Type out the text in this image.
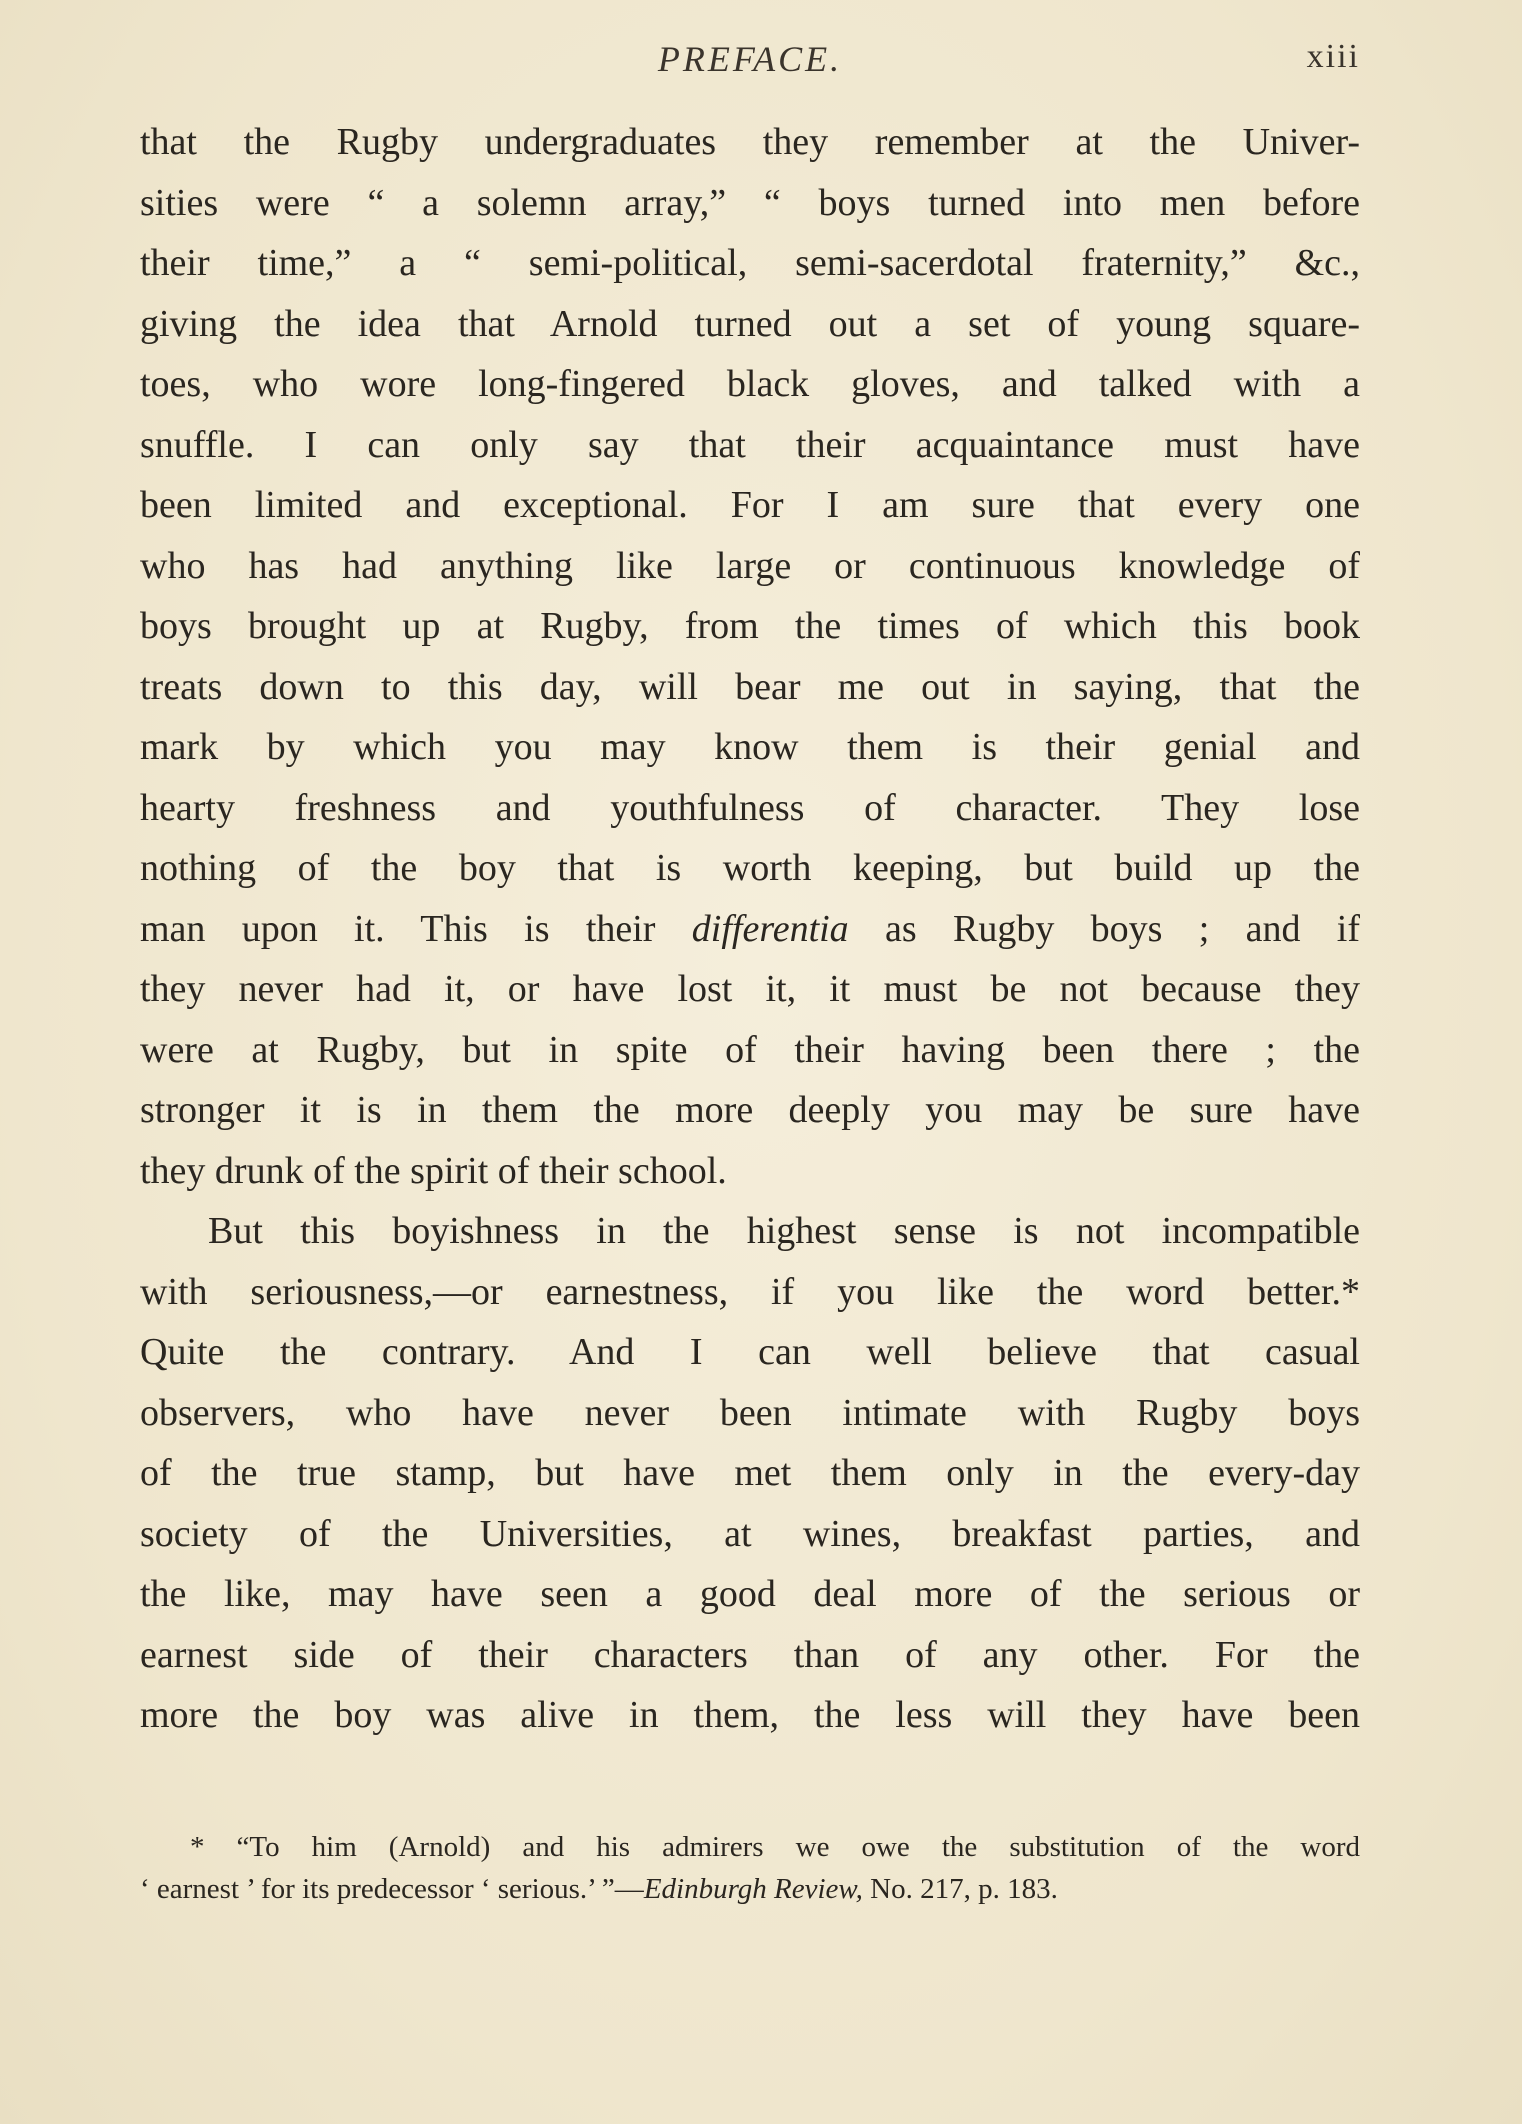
PREFACE.	xiii
that the Rugby undergraduates they remember at the Univer-
sities were “ a solemn array,” “ boys turned into men before
their time,” a “ semi-political, semi-sacerdotal fraternity,” &c.,
giving the idea that Arnold turned out a set of young square-
toes, who wore long-fingered black gloves, and talked with a
snuffle. I can only say that their acquaintance must have
been limited and exceptional. For I am sure that every one
who has had anything like large or continuous knowledge of
boys brought up at Rugby, from the times of which this book
treats down to this day, will bear me out in saying, that the
mark by which you may know them is their genial and
hearty freshness and youthfulness of character. They lose
nothing of the boy that is worth keeping, but build up the
man upon it. This is their differentia as Rugby boys ; and if
they never had it, or have lost it, it must be not because they
were at Rugby, but in spite of their having been there ; the
stronger it is in them the more deeply you may be sure have
they drunk of the spirit of their school.
But this boyishness in the highest sense is not incompatible
with seriousness,—or earnestness, if you like the word better.*
Quite the contrary. And I can well believe that casual
observers, who have never been intimate with Rugby boys
of the true stamp, but have met them only in the every-day
society of the Universities, at wines, breakfast parties, and
the like, may have seen a good deal more of the serious or
earnest side of their characters than of any other. For the
more the boy was alive in them, the less will they have been
* “To him (Arnold) and his admirers we owe the substitution of the word
‘ earnest ’ for its predecessor ‘ serious.’ ”—Edinburgh Review, No. 217, p. 183.
